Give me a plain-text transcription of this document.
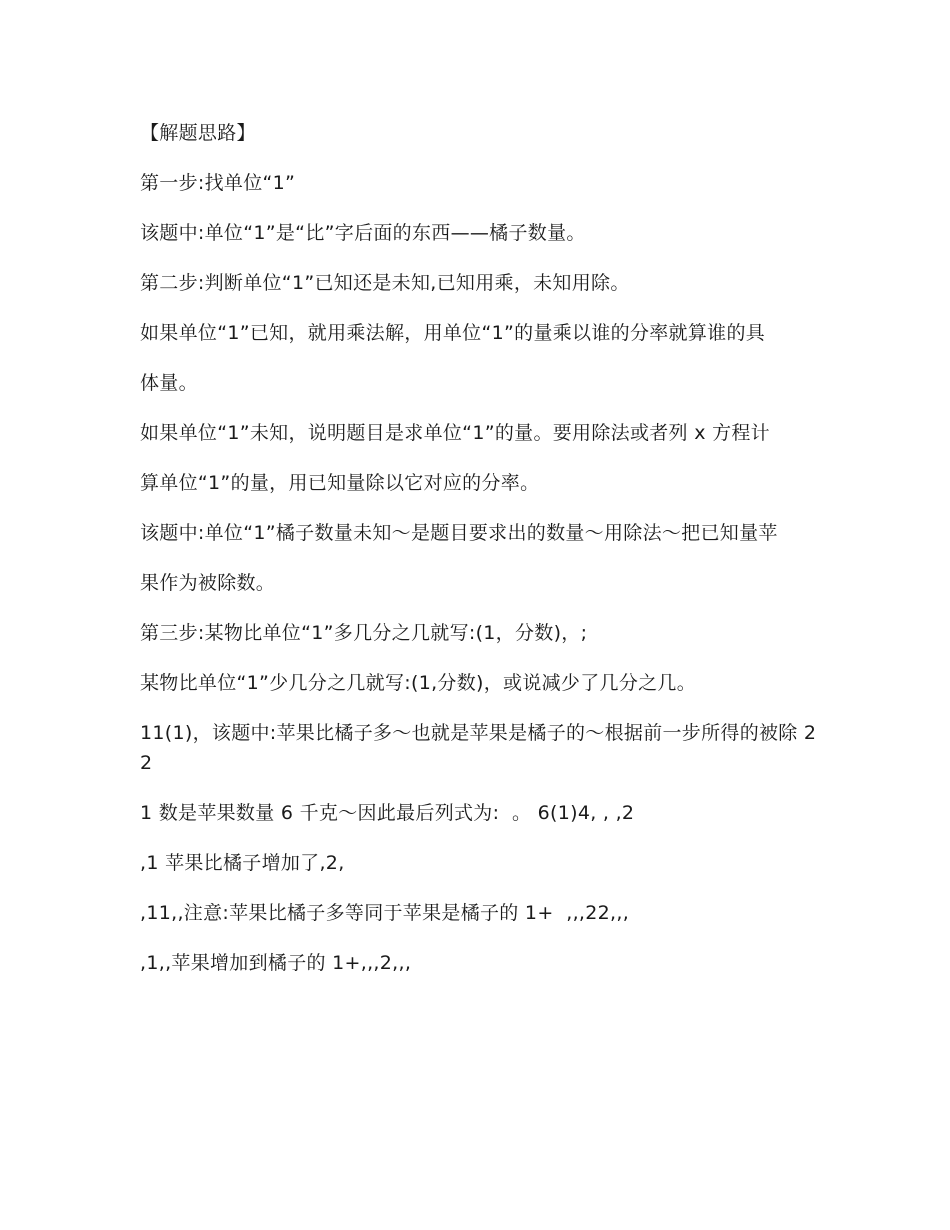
【解题思路】

第一步:找单位“1”

该题中:单位“1”是“比”字后面的东西——橘子数量。

第二步:判断单位“1”已知还是未知,已知用乘，未知用除。

如果单位“1”已知，就用乘法解，用单位“1”的量乘以谁的分率就算谁的具

体量。

如果单位“1”未知，说明题目是求单位“1”的量。要用除法或者列 x 方程计

算单位“1”的量，用已知量除以它对应的分率。

该题中:单位“1”橘子数量未知～是题目要求出的数量～用除法～把已知量苹

果作为被除数。

第三步:某物比单位“1”多几分之几就写:(1，分数)，;

某物比单位“1”少几分之几就写:(1,分数)，或说减少了几分之几。

11(1)，该题中:苹果比橘子多～也就是苹果是橘子的～根据前一步所得的被除 22

1 数是苹果数量 6 千克～因此最后列式为:  。 6(1)4, , ,2

,1 苹果比橘子增加了,2,

,11,,注意:苹果比橘子多等同于苹果是橘子的 1+  ,,,22,,,

,1,,苹果增加到橘子的 1+,,,2,,,
